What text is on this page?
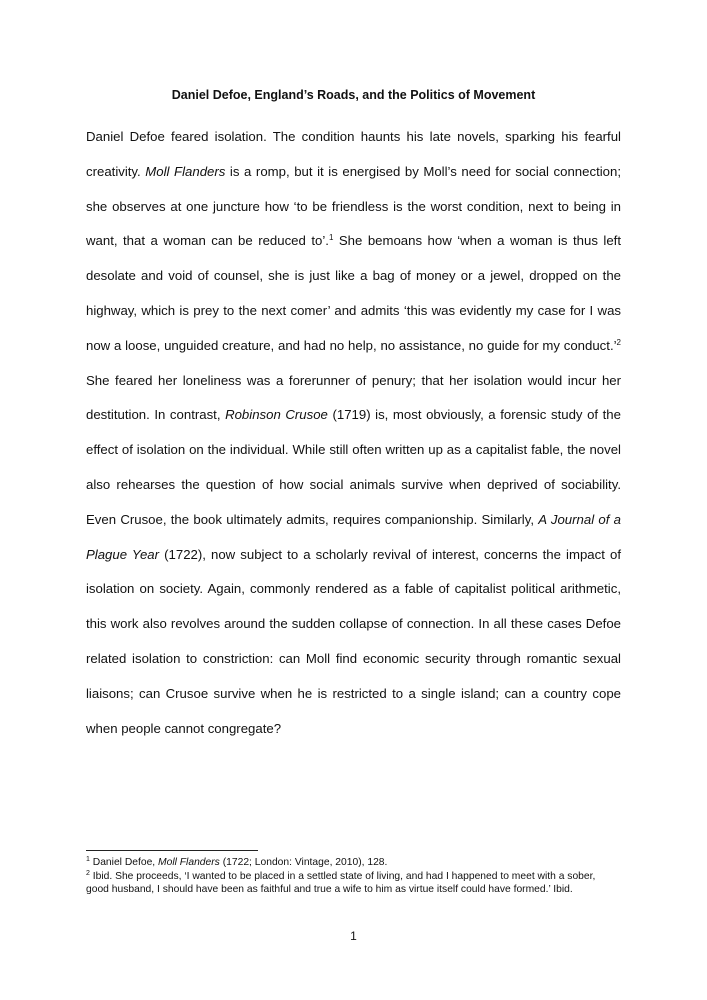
Daniel Defoe, England’s Roads, and the Politics of Movement

Daniel Defoe feared isolation. The condition haunts his late novels, sparking his fearful creativity. Moll Flanders is a romp, but it is energised by Moll’s need for social connection; she observes at one juncture how ‘to be friendless is the worst condition, next to being in want, that a woman can be reduced to’.$^1$ She bemoans how ‘when a woman is thus left desolate and void of counsel, she is just like a bag of money or a jewel, dropped on the highway, which is prey to the next comer’ and admits ‘this was evidently my case for I was now a loose, unguided creature, and had no help, no assistance, no guide for my conduct.’$^2$ She feared her loneliness was a forerunner of penury; that her isolation would incur her destitution. In contrast, Robinson Crusoe (1719) is, most obviously, a forensic study of the effect of isolation on the individual. While still often written up as a capitalist fable, the novel also rehearses the question of how social animals survive when deprived of sociability. Even Crusoe, the book ultimately admits, requires companionship. Similarly, A Journal of a Plague Year (1722), now subject to a scholarly revival of interest, concerns the impact of isolation on society. Again, commonly rendered as a fable of capitalist political arithmetic, this work also revolves around the sudden collapse of connection. In all these cases Defoe related isolation to constriction: can Moll find economic security through romantic sexual liaisons; can Crusoe survive when he is restricted to a single island; can a country cope when people cannot congregate?

$^1$ Daniel Defoe, Moll Flanders (1722; London: Vintage, 2010), 128.

$^2$ Ibid. She proceeds, ‘I wanted to be placed in a settled state of living, and had I happened to meet with a sober, good husband, I should have been as faithful and true a wife to him as virtue itself could have formed.’ Ibid.

1
